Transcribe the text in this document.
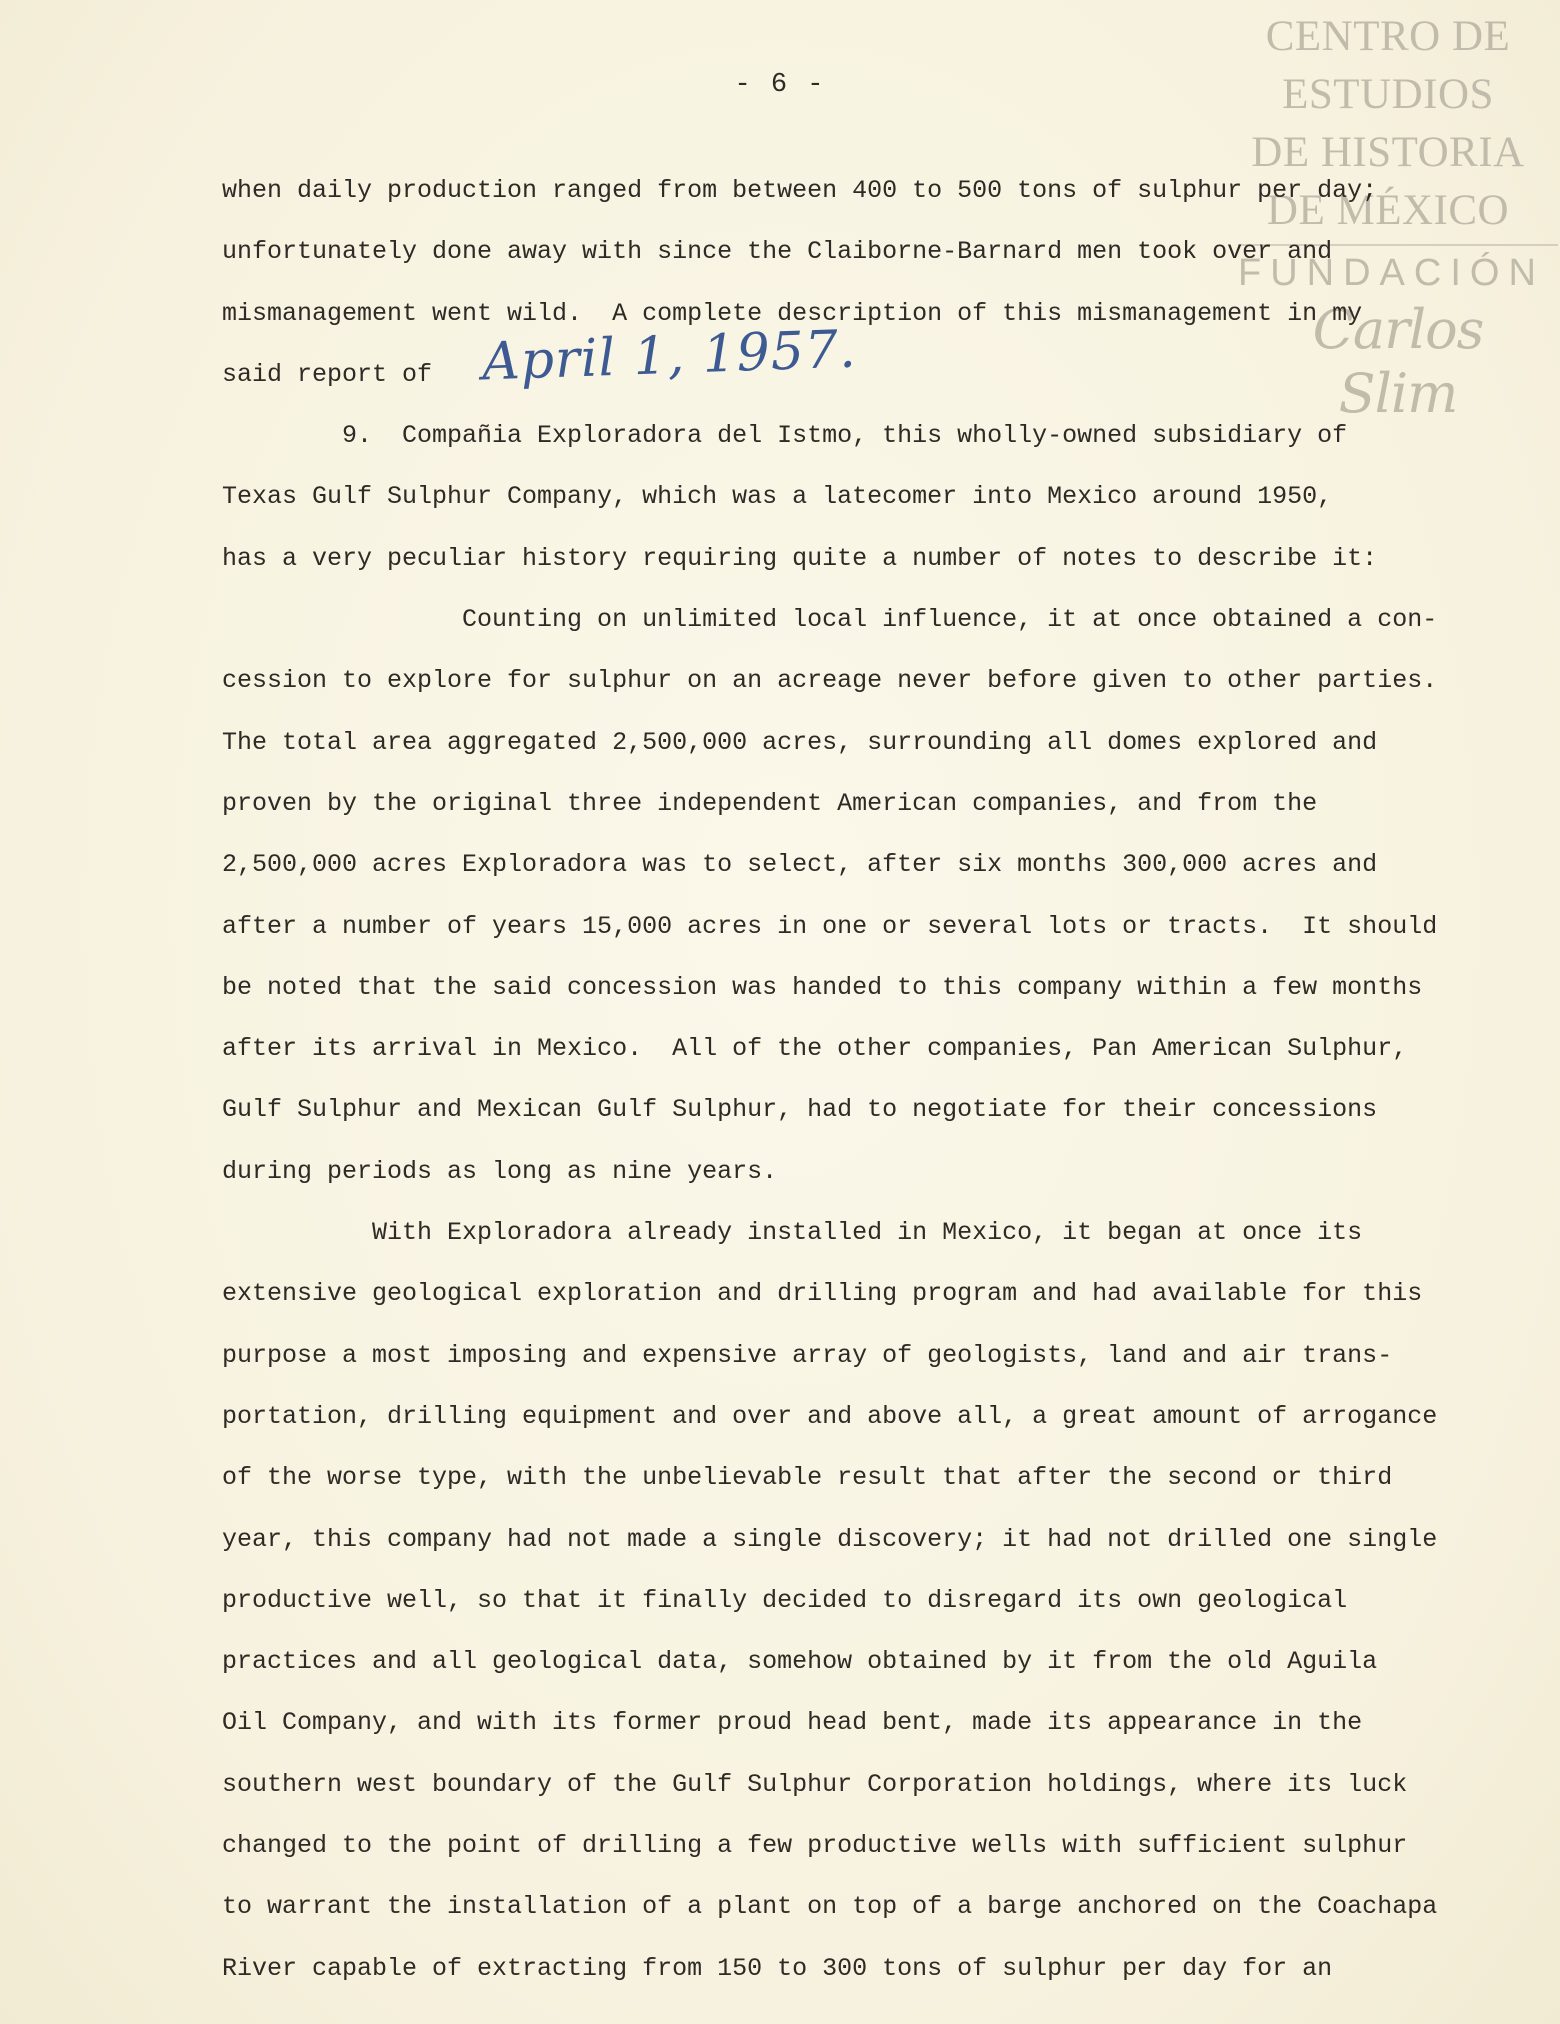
CENTRO DE
ESTUDIOS
DE HISTORIA
DE MÉXICO
FUNDACIÓN
Carlos Slim
- 6 -
when daily production ranged from between 400 to 500 tons of sulphur per day;
unfortunately done away with since the Claiborne-Barnard men took over and
mismanagement went wild.  A complete description of this mismanagement in my
said report of April 1, 1957.
9.  Compañia Exploradora del Istmo, this wholly-owned subsidiary of
Texas Gulf Sulphur Company, which was a latecomer into Mexico around 1950,
has a very peculiar history requiring quite a number of notes to describe it:
Counting on unlimited local influence, it at once obtained a con-
cession to explore for sulphur on an acreage never before given to other parties.
The total area aggregated 2,500,000 acres, surrounding all domes explored and
proven by the original three independent American companies, and from the
2,500,000 acres Exploradora was to select, after six months 300,000 acres and
after a number of years 15,000 acres in one or several lots or tracts.  It should
be noted that the said concession was handed to this company within a few months
after its arrival in Mexico.  All of the other companies, Pan American Sulphur,
Gulf Sulphur and Mexican Gulf Sulphur, had to negotiate for their concessions
during periods as long as nine years.
With Exploradora already installed in Mexico, it began at once its
extensive geological exploration and drilling program and had available for this
purpose a most imposing and expensive array of geologists, land and air trans-
portation, drilling equipment and over and above all, a great amount of arrogance
of the worse type, with the unbelievable result that after the second or third
year, this company had not made a single discovery; it had not drilled one single
productive well, so that it finally decided to disregard its own geological
practices and all geological data, somehow obtained by it from the old Aguila
Oil Company, and with its former proud head bent, made its appearance in the
southern west boundary of the Gulf Sulphur Corporation holdings, where its luck
changed to the point of drilling a few productive wells with sufficient sulphur
to warrant the installation of a plant on top of a barge anchored on the Coachapa
River capable of extracting from 150 to 300 tons of sulphur per day for an
